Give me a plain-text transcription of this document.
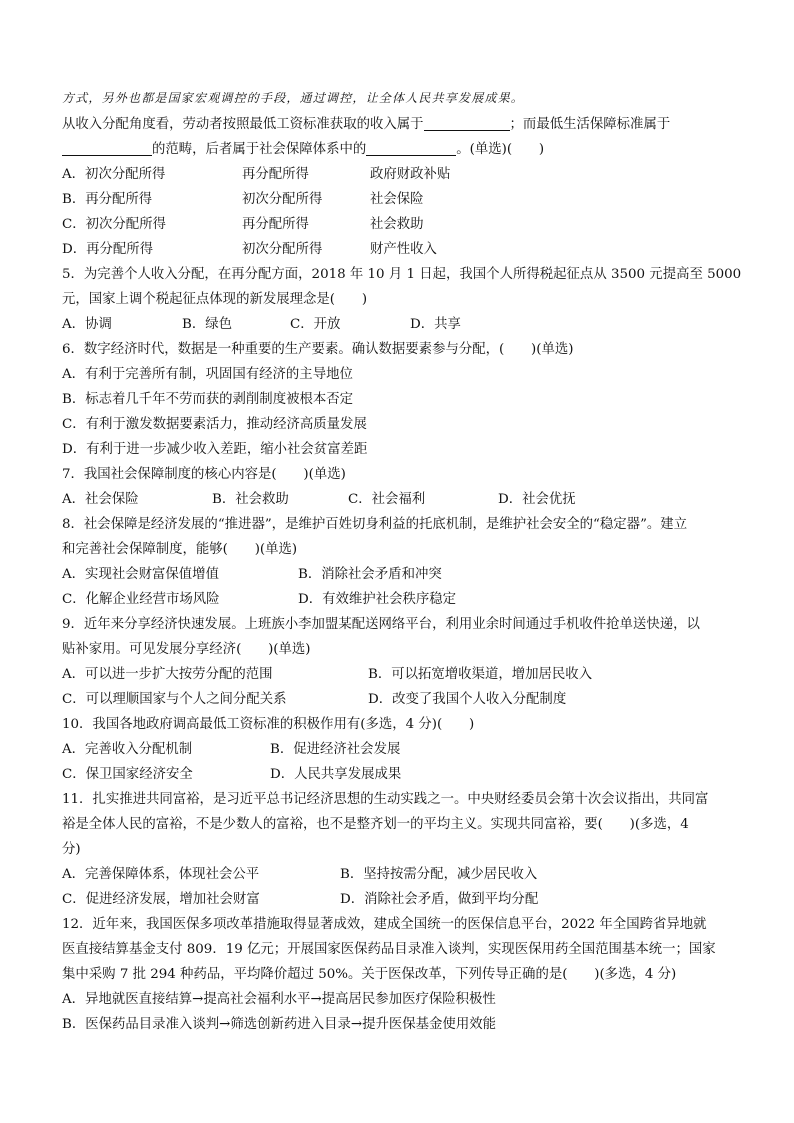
方式，另外也都是国家宏观调控的手段，通过调控，让全体人民共享发展成果。
从收入分配角度看，劳动者按照最低工资标准获取的收入属于	；而最低生活保障标准属于
的范畴，后者属于社会保障体系中的	。(单选)(　　)
A．初次分配所得	再分配所得	政府财政补贴
B．再分配所得	初次分配所得	社会保险
C．初次分配所得	再分配所得	社会救助
D．再分配所得	初次分配所得	财产性收入
5．为完善个人收入分配，在再分配方面，2018 年 10 月 1 日起，我国个人所得税起征点从 3500 元提高至 5000
元，国家上调个税起征点体现的新发展理念是(　　)
A．协调	B．绿色	C．开放	D．共享
6．数字经济时代，数据是一种重要的生产要素。确认数据要素参与分配，(　　)(单选)
A．有利于完善所有制，巩固国有经济的主导地位
B．标志着几千年不劳而获的剥削制度被根本否定
C．有利于激发数据要素活力，推动经济高质量发展
D．有利于进一步减少收入差距，缩小社会贫富差距
7．我国社会保障制度的核心内容是(　　)(单选)
A．社会保险	B．社会救助	C．社会福利	D．社会优抚
8．社会保障是经济发展的“推进器”，是维护百姓切身利益的托底机制，是维护社会安全的“稳定器”。建立
和完善社会保障制度，能够(　　)(单选)
A．实现社会财富保值增值	B．消除社会矛盾和冲突
C．化解企业经营市场风险	D．有效维护社会秩序稳定
9．近年来分享经济快速发展。上班族小李加盟某配送网络平台，利用业余时间通过手机收件抢单送快递，以
贴补家用。可见发展分享经济(　　)(单选)
A．可以进一步扩大按劳分配的范围	B．可以拓宽增收渠道，增加居民收入
C．可以理顺国家与个人之间分配关系	D．改变了我国个人收入分配制度
10．我国各地政府调高最低工资标准的积极作用有(多选，4 分)(　　)
A．完善收入分配机制	B．促进经济社会发展
C．保卫国家经济安全	D．人民共享发展成果
11．扎实推进共同富裕，是习近平总书记经济思想的生动实践之一。中央财经委员会第十次会议指出，共同富
裕是全体人民的富裕，不是少数人的富裕，也不是整齐划一的平均主义。实现共同富裕，要(　　)(多选，4
分)
A．完善保障体系，体现社会公平	B．坚持按需分配，减少居民收入
C．促进经济发展，增加社会财富	D．消除社会矛盾，做到平均分配
12．近年来，我国医保多项改革措施取得显著成效，建成全国统一的医保信息平台，2022 年全国跨省异地就
医直接结算基金支付 809．19 亿元；开展国家医保药品目录准入谈判，实现医保用药全国范围基本统一；国家
集中采购 7 批 294 种药品，平均降价超过 50%。关于医保改革，下列传导正确的是(　　)(多选，4 分)
A．异地就医直接结算→提高社会福利水平→提高居民参加医疗保险积极性
B．医保药品目录准入谈判→筛选创新药进入目录→提升医保基金使用效能
